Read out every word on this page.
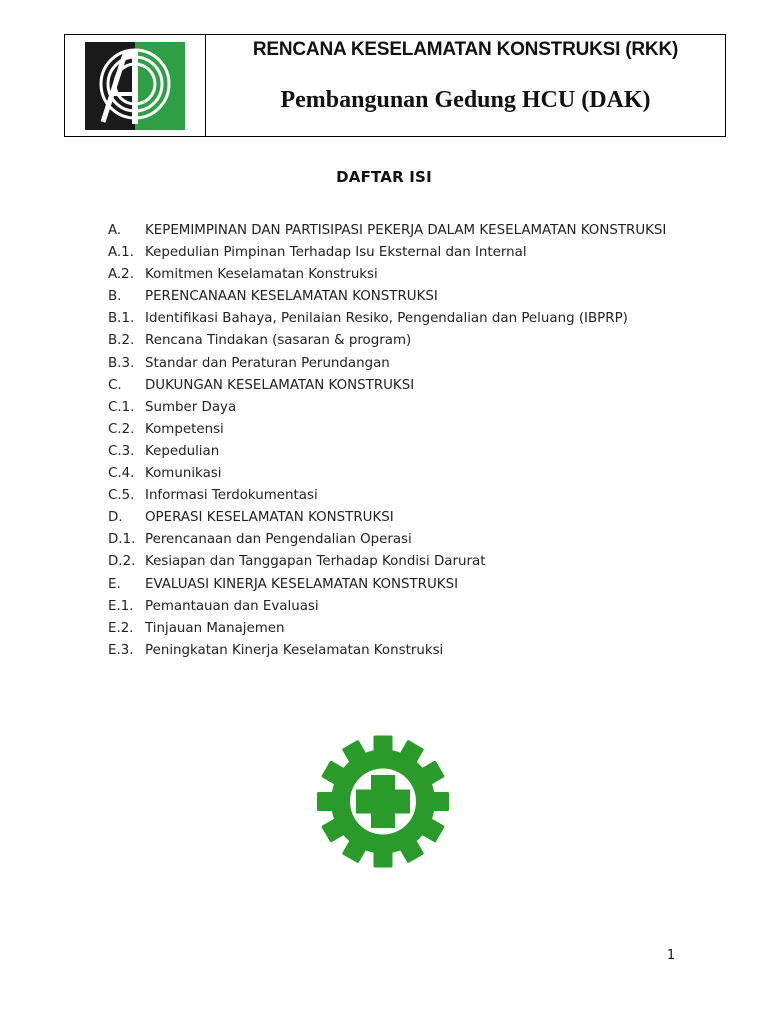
RENCANA KESELAMATAN KONSTRUKSI (RKK)
Pembangunan Gedung HCU (DAK)
DAFTAR ISI
A.	KEPEMIMPINAN DAN PARTISIPASI PEKERJA DALAM KESELAMATAN KONSTRUKSI
A.1. Kepedulian Pimpinan Terhadap Isu Eksternal dan Internal
A.2. Komitmen Keselamatan Konstruksi
B.	PERENCANAAN KESELAMATAN KONSTRUKSI
B.1. Identifikasi Bahaya, Penilaian Resiko, Pengendalian dan Peluang (IBPRP)
B.2. Rencana Tindakan (sasaran & program)
B.3. Standar dan Peraturan Perundangan
C.	DUKUNGAN KESELAMATAN KONSTRUKSI
C.1. Sumber Daya
C.2. Kompetensi
C.3. Kepedulian
C.4. Komunikasi
C.5. Informasi Terdokumentasi
D.	OPERASI KESELAMATAN KONSTRUKSI
D.1. Perencanaan dan Pengendalian Operasi
D.2. Kesiapan dan Tanggapan Terhadap Kondisi Darurat
E.	EVALUASI KINERJA KESELAMATAN KONSTRUKSI
E.1. Pemantauan dan Evaluasi
E.2. Tinjauan Manajemen
E.3. Peningkatan Kinerja Keselamatan Konstruksi
1
